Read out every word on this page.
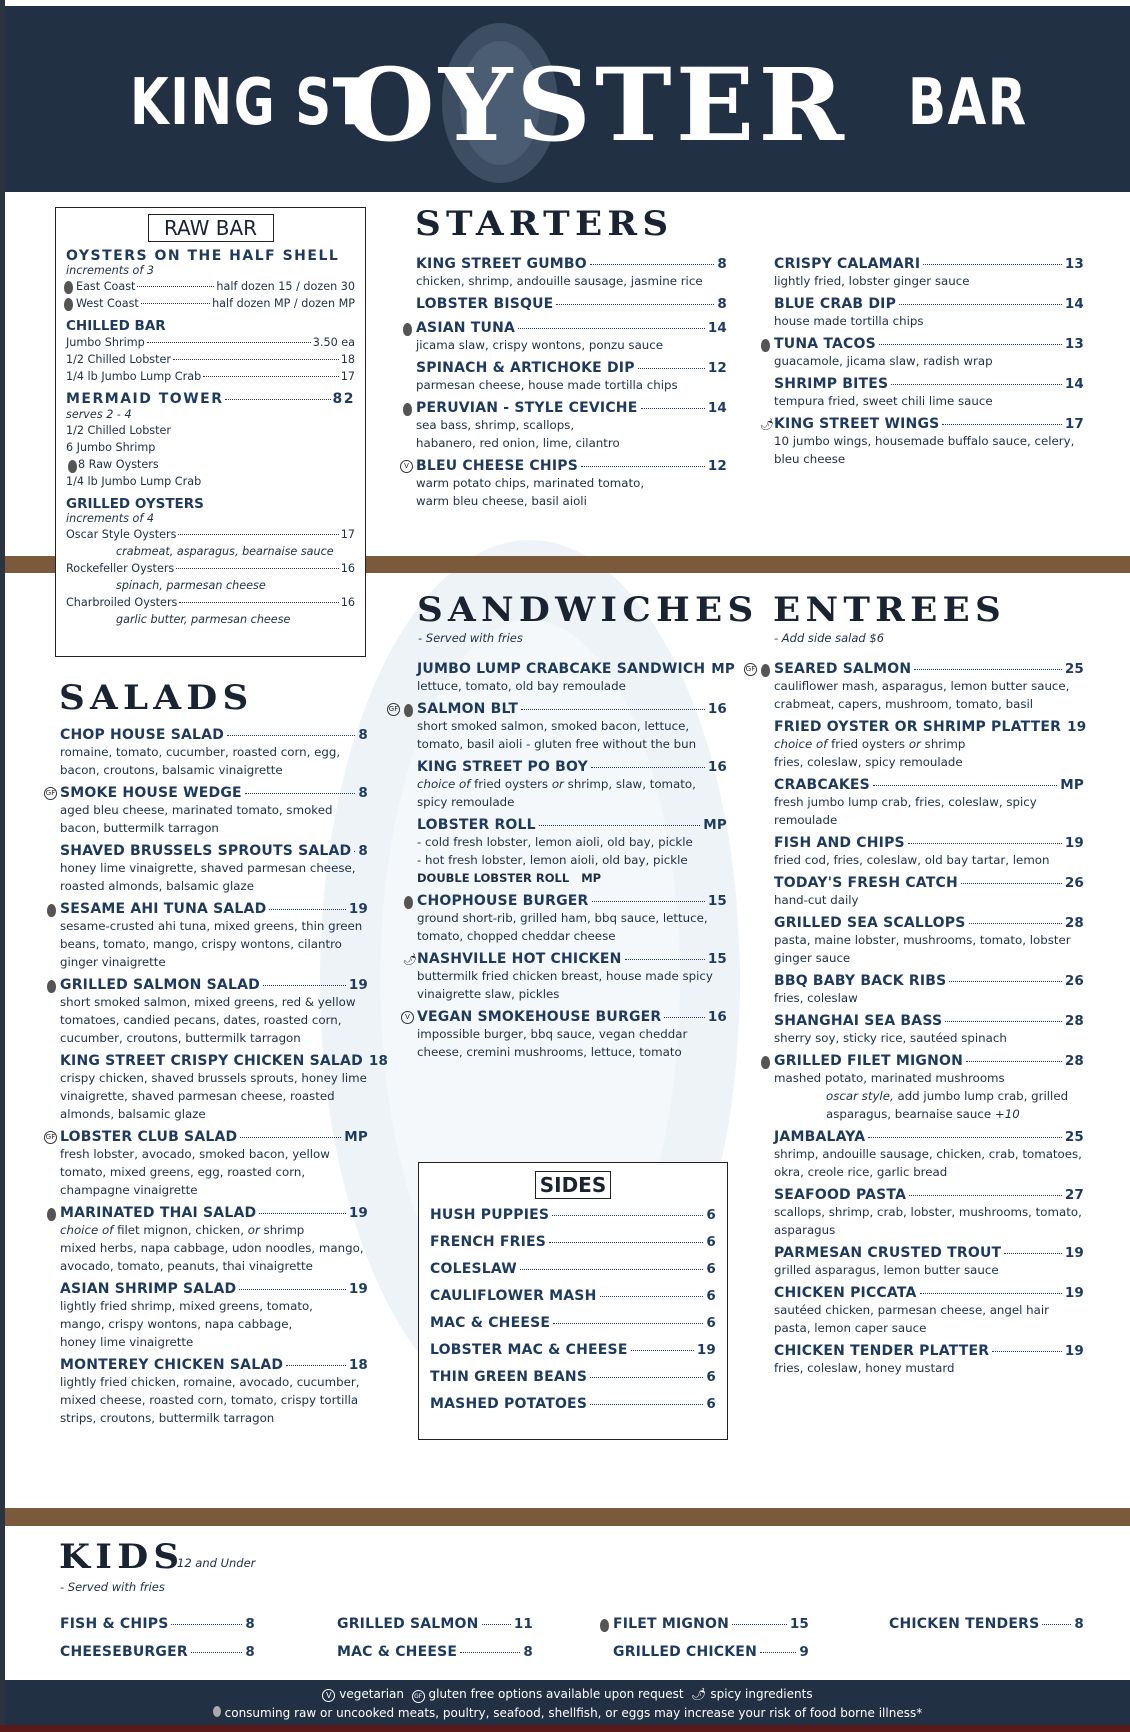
KING ST
OYSTER BAR
RAW BAR
OYSTERS ON THE HALF SHELL
increments of 3
East Coast	half dozen 15 / dozen 30
West Coast	half dozen MP / dozen MP
CHILLED BAR
Jumbo Shrimp	3.50 ea
1/2 Chilled Lobster	18
1/4 lb Jumbo Lump Crab	17
MERMAID TOWER	82
serves 2 - 4
1/2 Chilled Lobster
6 Jumbo Shrimp
8 Raw Oysters
1/4 lb Jumbo Lump Crab
GRILLED OYSTERS
increments of 4
Oscar Style Oysters	17
crabmeat, asparagus, bearnaise sauce
Rockefeller Oysters	16
spinach, parmesan cheese
Charbroiled Oysters	16
garlic butter, parmesan cheese
STARTERS
KING STREET GUMBO	8
chicken, shrimp, andouille sausage, jasmine rice
LOBSTER BISQUE	8
ASIAN TUNA	14
jicama slaw, crispy wontons, ponzu sauce
SPINACH & ARTICHOKE DIP	12
parmesan cheese, house made tortilla chips
PERUVIAN - STYLE CEVICHE	14
sea bass, shrimp, scallops, habanero, red onion, lime, cilantro
V BLEU CHEESE CHIPS	12
warm potato chips, marinated tomato, warm bleu cheese, basil aioli
CRISPY CALAMARI	13
lightly fried, lobster ginger sauce
BLUE CRAB DIP	14
house made tortilla chips
TUNA TACOS	13
guacamole, jicama slaw, radish wrap
SHRIMP BITES	14
tempura fried, sweet chili lime sauce
🌶 KING STREET WINGS	17
10 jumbo wings, housemade buffalo sauce, celery, bleu cheese
SALADS
CHOP HOUSE SALAD	8
romaine, tomato, cucumber, roasted corn, egg, bacon, croutons, balsamic vinaigrette
GF SMOKE HOUSE WEDGE	8
aged bleu cheese, marinated tomato, smoked bacon, buttermilk tarragon
SHAVED BRUSSELS SPROUTS SALAD 8
honey lime vinaigrette, shaved parmesan cheese, roasted almonds, balsamic glaze
SESAME AHI TUNA SALAD	19
sesame-crusted ahi tuna, mixed greens, thin green beans, tomato, mango, crispy wontons, cilantro ginger vinaigrette
GRILLED SALMON SALAD	19
short smoked salmon, mixed greens, red & yellow tomatoes, candied pecans, dates, roasted corn, cucumber, croutons, buttermilk tarragon
KING STREET CRISPY CHICKEN SALAD 18
crispy chicken, shaved brussels sprouts, honey lime vinaigrette, shaved parmesan cheese, roasted almonds, balsamic glaze
GF LOBSTER CLUB SALAD	MP
fresh lobster, avocado, smoked bacon, yellow tomato, mixed greens, egg, roasted corn, champagne vinaigrette
MARINATED THAI SALAD	19
choice of filet mignon, chicken, or shrimp
mixed herbs, napa cabbage, udon noodles, mango, avocado, tomato, peanuts, thai vinaigrette
ASIAN SHRIMP SALAD	19
lightly fried shrimp, mixed greens, tomato, mango, crispy wontons, napa cabbage, honey lime vinaigrette
MONTEREY CHICKEN SALAD	18
lightly fried chicken, romaine, avocado, cucumber, mixed cheese, roasted corn, tomato, crispy tortilla strips, croutons, buttermilk tarragon
SANDWICHES
- Served with fries
JUMBO LUMP CRABCAKE SANDWICH MP
lettuce, tomato, old bay remoulade
GF SALMON BLT	16
short smoked salmon, smoked bacon, lettuce, tomato, basil aioli - gluten free without the bun
KING STREET PO BOY	16
choice of fried oysters or shrimp, slaw, tomato, spicy remoulade
LOBSTER ROLL	MP
- cold fresh lobster, lemon aioli, old bay, pickle
- hot fresh lobster, lemon aioli, old bay, pickle
DOUBLE LOBSTER ROLL   MP
CHOPHOUSE BURGER	15
ground short-rib, grilled ham, bbq sauce, lettuce, tomato, chopped cheddar cheese
🌶 NASHVILLE HOT CHICKEN	15
buttermilk fried chicken breast, house made spicy vinaigrette slaw, pickles
V VEGAN SMOKEHOUSE BURGER	16
impossible burger, bbq sauce, vegan cheddar cheese, cremini mushrooms, lettuce, tomato
SIDES
HUSH PUPPIES	6
FRENCH FRIES	6
COLESLAW	6
CAULIFLOWER MASH	6
MAC & CHEESE	6
LOBSTER MAC & CHEESE	19
THIN GREEN BEANS	6
MASHED POTATOES	6
ENTREES
- Add side salad $6
GF SEARED SALMON	25
cauliflower mash, asparagus, lemon butter sauce, crabmeat, capers, mushroom, tomato, basil
FRIED OYSTER OR SHRIMP PLATTER 19
choice of fried oysters or shrimp
fries, coleslaw, spicy remoulade
CRABCAKES	MP
fresh jumbo lump crab, fries, coleslaw, spicy remoulade
FISH AND CHIPS	19
fried cod, fries, coleslaw, old bay tartar, lemon
TODAY'S FRESH CATCH	26
hand-cut daily
GRILLED SEA SCALLOPS	28
pasta, maine lobster, mushrooms, tomato, lobster ginger sauce
BBQ BABY BACK RIBS	26
fries, coleslaw
SHANGHAI SEA BASS	28
sherry soy, sticky rice, sautéed spinach
GRILLED FILET MIGNON	28
mashed potato, marinated mushrooms
oscar style, add jumbo lump crab, grilled asparagus, bearnaise sauce +10
JAMBALAYA	25
shrimp, andouille sausage, chicken, crab, tomatoes, okra, creole rice, garlic bread
SEAFOOD PASTA	27
scallops, shrimp, crab, lobster, mushrooms, tomato, asparagus
PARMESAN CRUSTED TROUT	19
grilled asparagus, lemon butter sauce
CHICKEN PICCATA	19
sautéed chicken, parmesan cheese, angel hair pasta, lemon caper sauce
CHICKEN TENDER PLATTER	19
fries, coleslaw, honey mustard
KIDS
12 and Under
- Served with fries
FISH & CHIPS	8
CHEESEBURGER	8
GRILLED SALMON	11
MAC & CHEESE	8
FILET MIGNON	15
GRILLED CHICKEN	9
CHICKEN TENDERS	8
V vegetarian GF gluten free options available upon request 🌶 spicy ingredients
consuming raw or uncooked meats, poultry, seafood, shellfish, or eggs may increase your risk of food borne illness*
